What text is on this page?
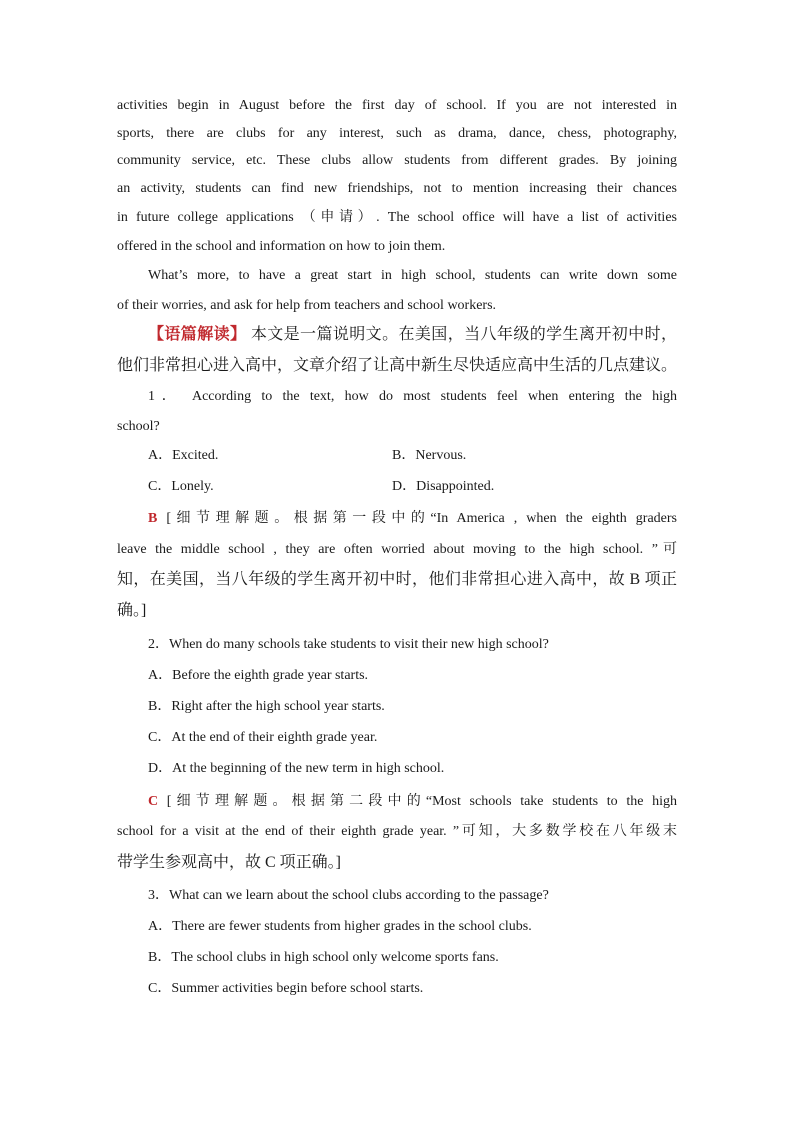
activities begin in August before the first day of school. If you are not interested in
sports, there are clubs for any interest, such as drama, dance, chess, photography,
community service, etc. These clubs allow students from different grades. By joining
an activity, students can find new friendships, not to mention increasing their chances
in future college applications （申请）. The school office will have a list of activities
offered in the school and information on how to join them.
What’s more, to have a great start in high school, students can write down some
of their worries, and ask for help from teachers and school workers.
【语篇解读】 本文是一篇说明文。在美国，当八年级的学生离开初中时，
他们非常担心进入高中，文章介绍了让高中新生尽快适应高中生活的几点建议。
1． According to the text, how do most students feel when entering the high
school?
A．Excited.	B．Nervous.
C．Lonely.	D．Disappointed.
B [细节理解题。根据第一段中的“In America , when the eighth graders
leave the middle school , they are often worried about moving to the high school. ”可
知，在美国，当八年级的学生离开初中时，他们非常担心进入高中，故 B 项正
确。]
2．When do many schools take students to visit their new high school?
A．Before the eighth grade year starts.
B．Right after the high school year starts.
C．At the end of their eighth grade year.
D．At the beginning of the new term in high school.
C [细节理解题。根据第二段中的“Most schools take students to the high
school for a visit at the end of their eighth grade year. ”可知，大多数学校在八年级末
带学生参观高中，故 C 项正确。]
3．What can we learn about the school clubs according to the passage?
A．There are fewer students from higher grades in the school clubs.
B．The school clubs in high school only welcome sports fans.
C．Summer activities begin before school starts.
